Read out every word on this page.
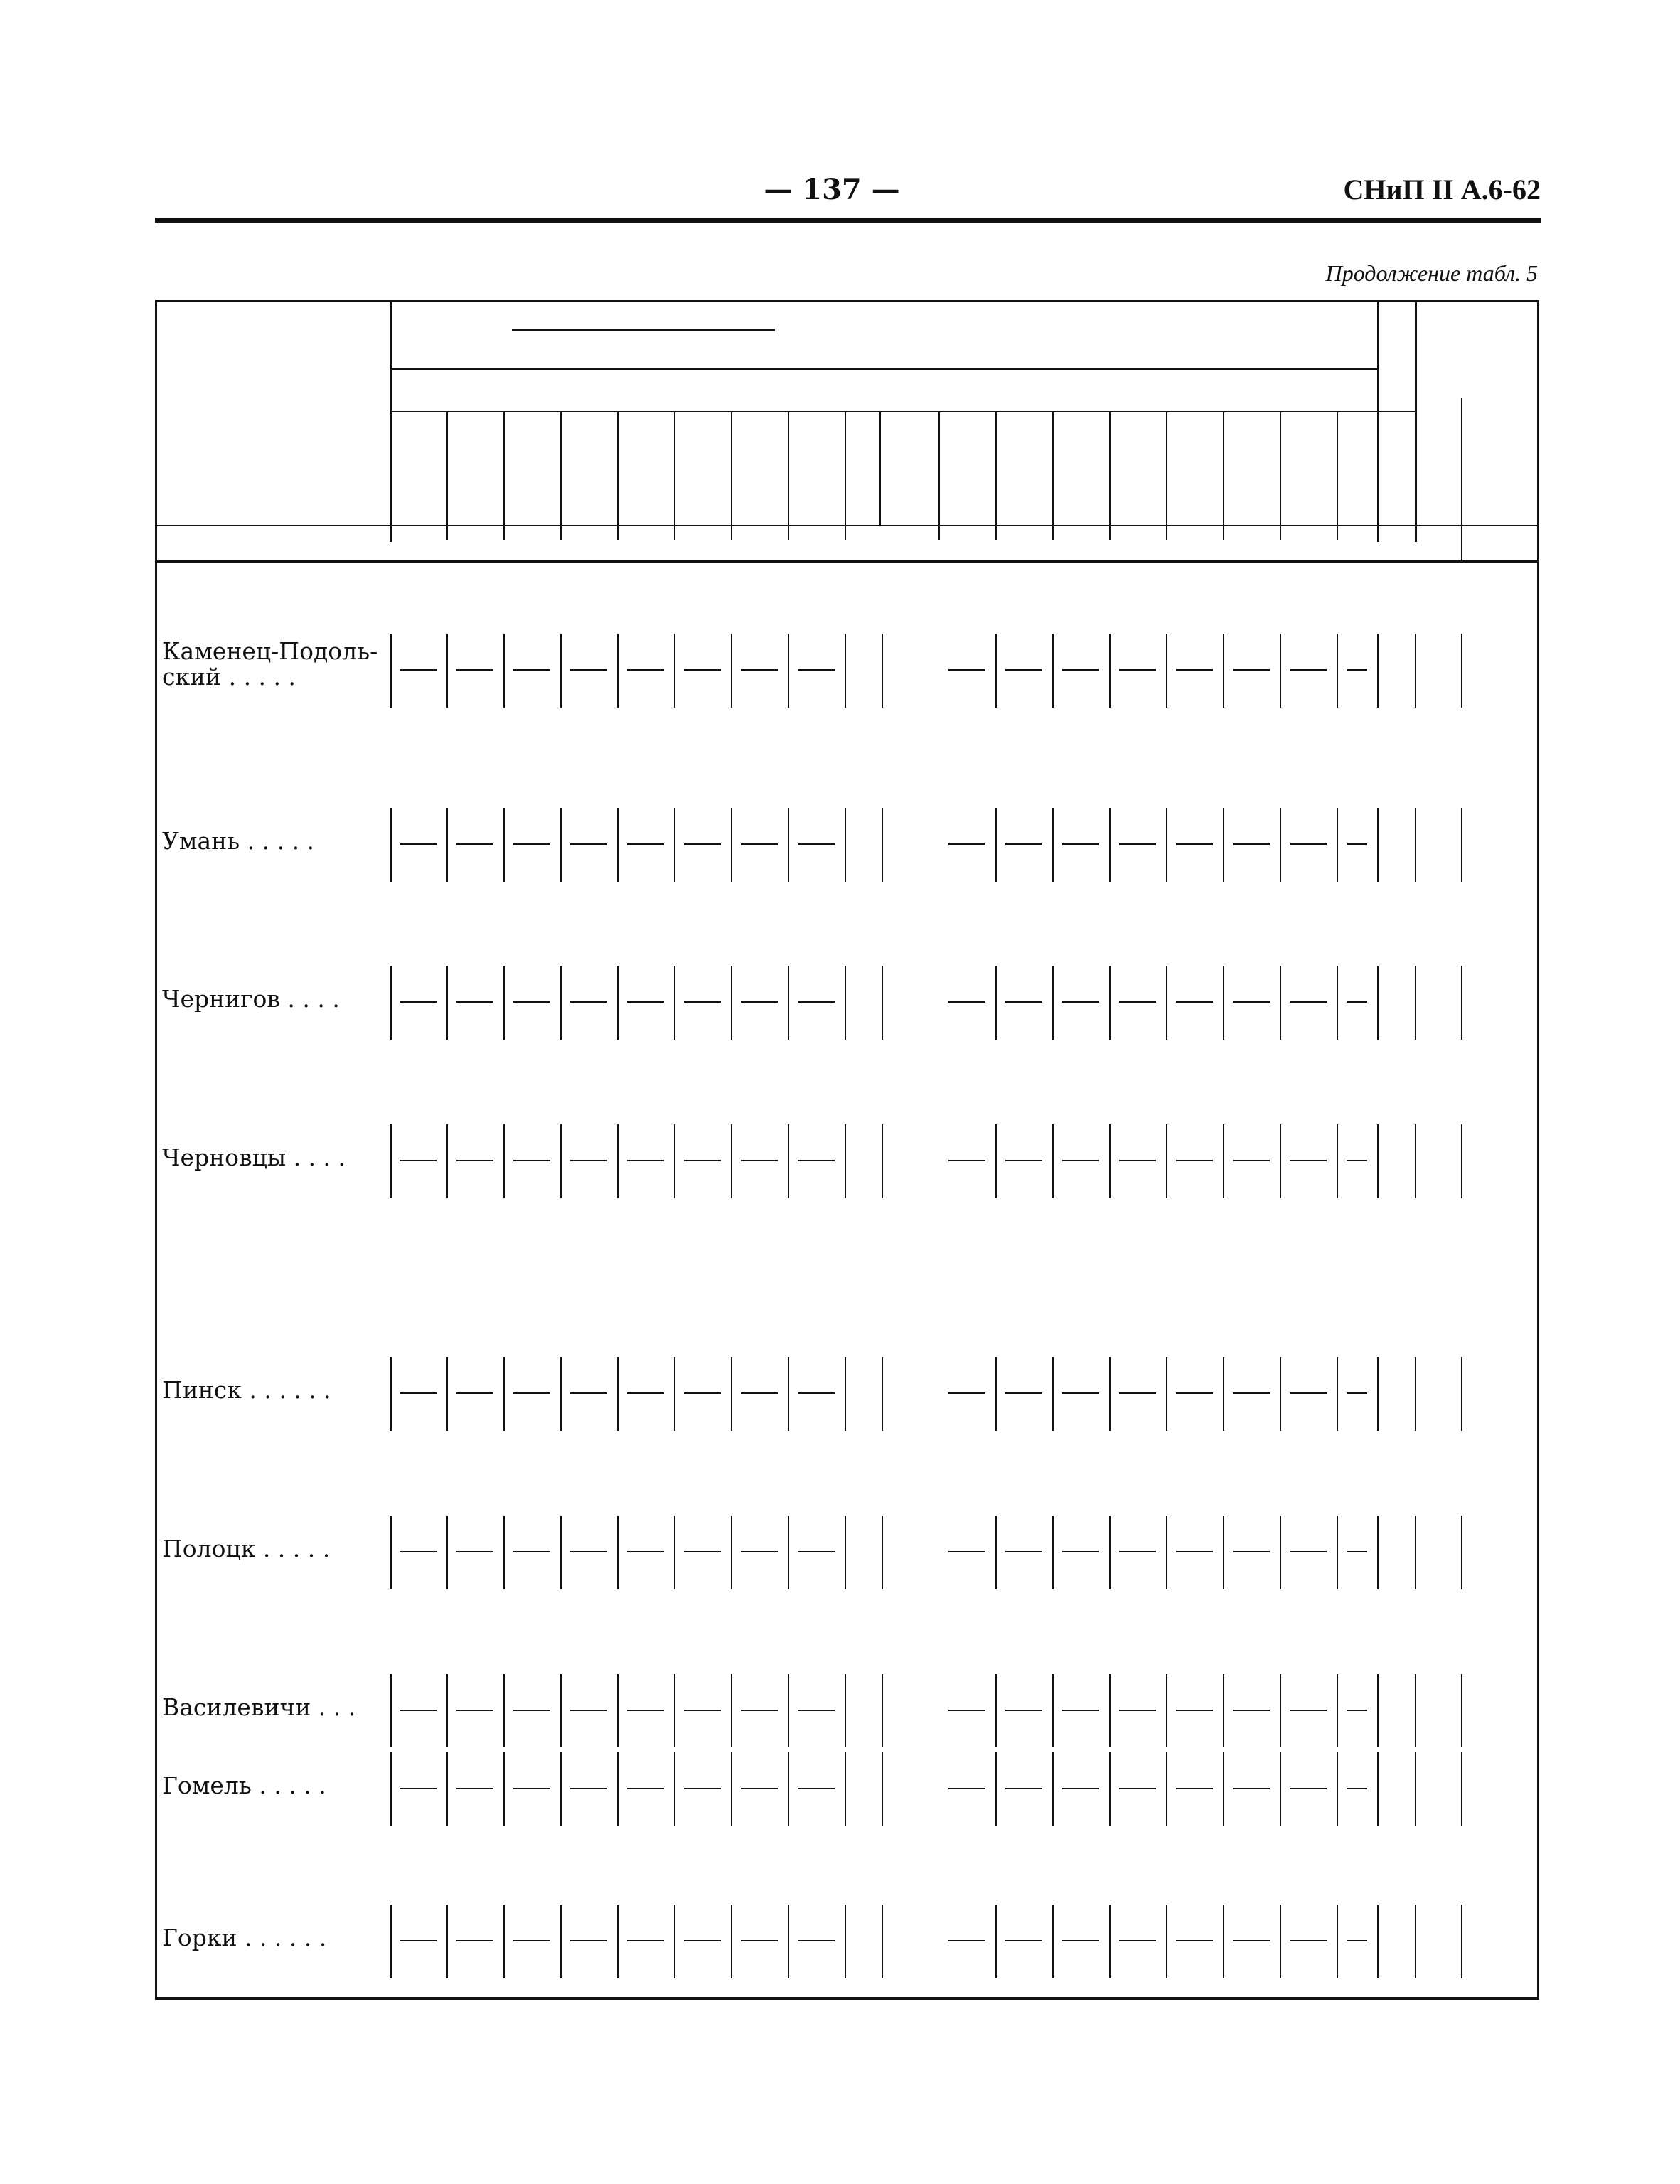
— 137 —	СНиП II А.6-62
Продолжение табл. 5
Каменец-Подоль-
ский . . . . .
Умань . . . . .
Чернигов . . . .
Черновцы . . . .
Пинск . . . . . .
Полоцк . . . . .
Василевичи . . .
Гомель . . . . .
Горки . . . . . .
